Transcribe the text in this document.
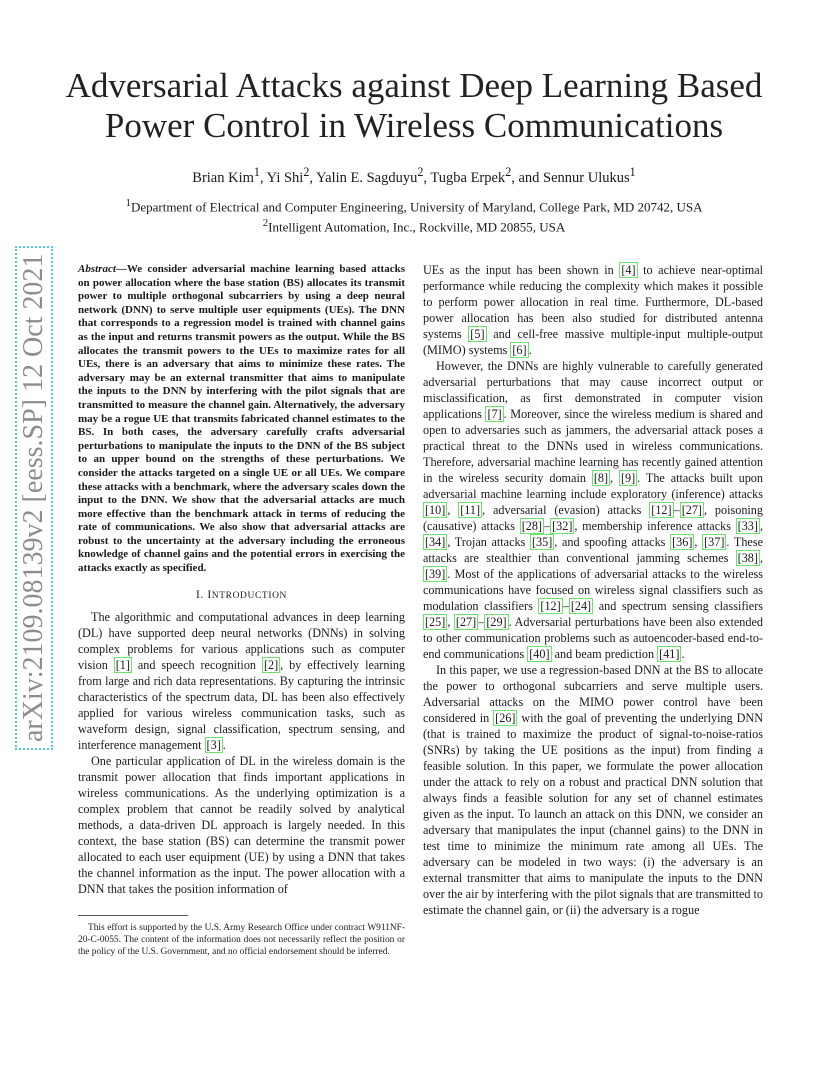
arXiv:2109.08139v2 [eess.SP] 12 Oct 2021
Adversarial Attacks against Deep Learning Based Power Control in Wireless Communications
Brian Kim$^1$, Yi Shi$^2$, Yalin E. Sagduyu$^2$, Tugba Erpek$^2$, and Sennur Ulukus$^1$
$^1$Department of Electrical and Computer Engineering, University of Maryland, College Park, MD 20742, USA
$^2$Intelligent Automation, Inc., Rockville, MD 20855, USA

Abstract—We consider adversarial machine learning based attacks on power allocation where the base station (BS) allocates its transmit power to multiple orthogonal subcarriers by using a deep neural network (DNN) to serve multiple user equipments (UEs). The DNN that corresponds to a regression model is trained with channel gains as the input and returns transmit powers as the output. While the BS allocates the transmit powers to the UEs to maximize rates for all UEs, there is an adversary that aims to minimize these rates. The adversary may be an external transmitter that aims to manipulate the inputs to the DNN by interfering with the pilot signals that are transmitted to measure the channel gain. Alternatively, the adversary may be a rogue UE that transmits fabricated channel estimates to the BS. In both cases, the adversary carefully crafts adversarial perturbations to manipulate the inputs to the DNN of the BS subject to an upper bound on the strengths of these perturbations. We consider the attacks targeted on a single UE or all UEs. We compare these attacks with a benchmark, where the adversary scales down the input to the DNN. We show that the adversarial attacks are much more effective than the benchmark attack in terms of reducing the rate of communications. We also show that adversarial attacks are robust to the uncertainty at the adversary including the erroneous knowledge of channel gains and the potential errors in exercising the attacks exactly as specified.

I. INTRODUCTION

The algorithmic and computational advances in deep learning (DL) have supported deep neural networks (DNNs) in solving complex problems for various applications such as computer vision [1] and speech recognition [2] , by effectively learning from large and rich data representations. By capturing the intrinsic characteristics of the spectrum data, DL has been also effectively applied for various wireless communication tasks, such as waveform design, signal classification, spectrum sensing, and interference management [3] .

One particular application of DL in the wireless domain is the transmit power allocation that finds important applications in wireless communications. As the underlying optimization is a complex problem that cannot be readily solved by analytical methods, a data-driven DL approach is largely needed. In this context, the base station (BS) can determine the transmit power allocated to each user equipment (UE) by using a DNN that takes the channel information as the input. The power allocation with a DNN that takes the position information of

UEs as the input has been shown in [4] to achieve near-optimal performance while reducing the complexity which makes it possible to perform power allocation in real time. Furthermore, DL-based power allocation has been also studied for distributed antenna systems [5] and cell-free massive multiple-input multiple-output (MIMO) systems [6] .

However, the DNNs are highly vulnerable to carefully generated adversarial perturbations that may cause incorrect output or misclassification, as first demonstrated in computer vision applications [7] . Moreover, since the wireless medium is shared and open to adversaries such as jammers, the adversarial attack poses a practical threat to the DNNs used in wireless communications. Therefore, adversarial machine learning has recently gained attention in the wireless security domain [8] , [9] . The attacks built upon adversarial machine learning include exploratory (inference) attacks [10] , [11] , adversarial (evasion) attacks [12] – [27] , poisoning (causative) attacks [28] – [32] , membership inference attacks [33] , [34] , Trojan attacks [35] , and spoofing attacks [36] , [37] . These attacks are stealthier than conventional jamming schemes [38] , [39] . Most of the applications of adversarial attacks to the wireless communications have focused on wireless signal classifiers such as modulation classifiers [12] – [24] and spectrum sensing classifiers [25] , [27] – [29] . Adversarial perturbations have been also extended to other communication problems such as autoencoder-based end-to-end communications [40] and beam prediction [41] .

In this paper, we use a regression-based DNN at the BS to allocate the power to orthogonal subcarriers and serve multiple users. Adversarial attacks on the MIMO power control have been considered in [26] with the goal of preventing the underlying DNN (that is trained to maximize the product of signal-to-noise-ratios (SNRs) by taking the UE positions as the input) from finding a feasible solution. In this paper, we formulate the power allocation under the attack to rely on a robust and practical DNN solution that always finds a feasible solution for any set of channel estimates given as the input. To launch an attack on this DNN, we consider an adversary that manipulates the input (channel gains) to the DNN in test time to minimize the minimum rate among all UEs. The adversary can be modeled in two ways: (i) the adversary is an external transmitter that aims to manipulate the inputs to the DNN over the air by interfering with the pilot signals that are transmitted to estimate the channel gain, or (ii) the adversary is a rogue

This effort is supported by the U.S. Army Research Office under contract W911NF-20-C-0055. The content of the information does not necessarily reflect the position or the policy of the U.S. Government, and no official endorsement should be inferred.
